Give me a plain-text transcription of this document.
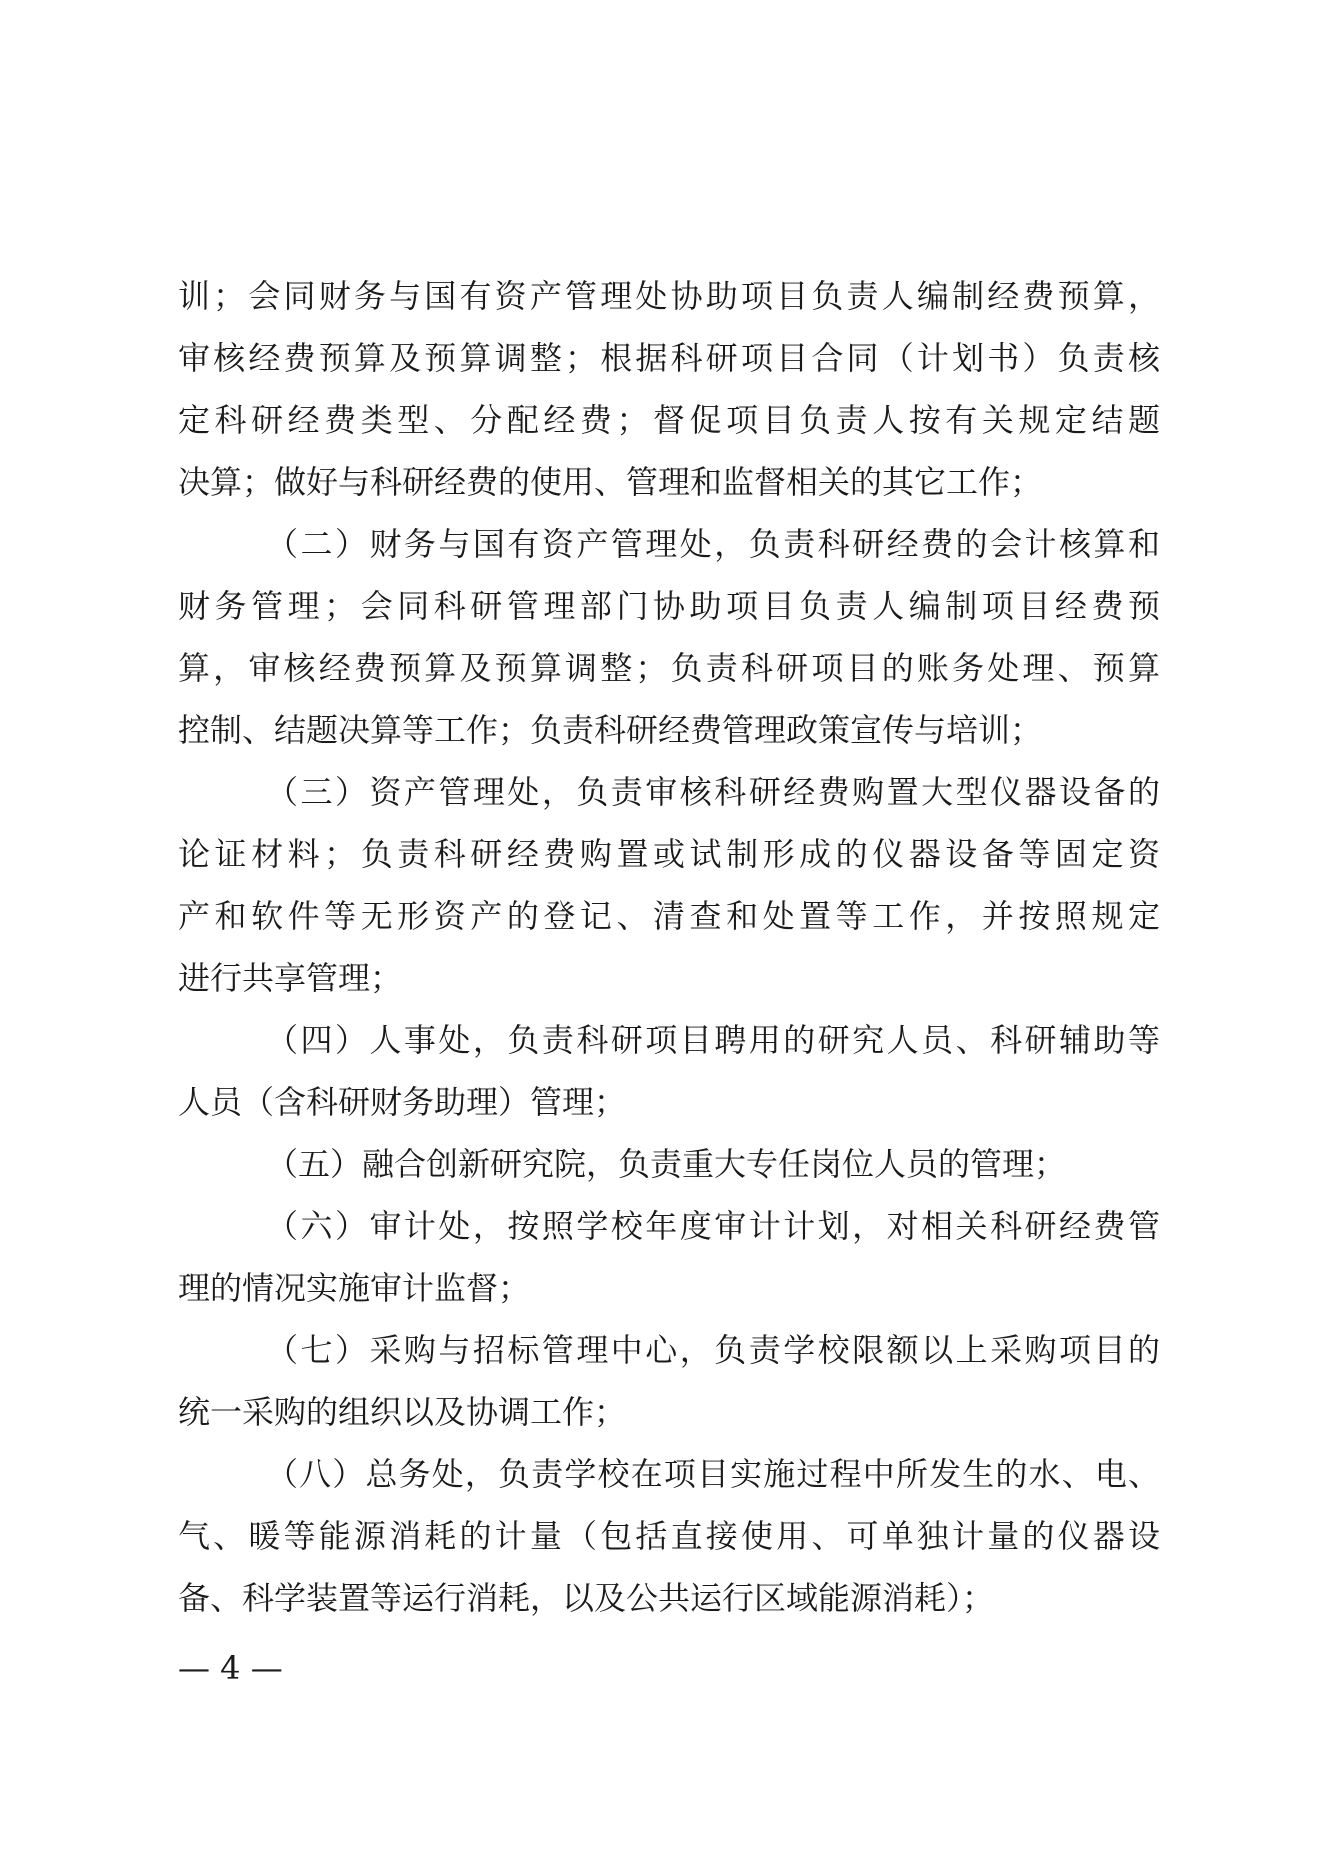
训；会同财务与国有资产管理处协助项目负责人编制经费预算，
审核经费预算及预算调整；根据科研项目合同（计划书）负责核
定科研经费类型、分配经费；督促项目负责人按有关规定结题
决算；做好与科研经费的使用、管理和监督相关的其它工作；
（二）财务与国有资产管理处，负责科研经费的会计核算和
财务管理；会同科研管理部门协助项目负责人编制项目经费预
算，审核经费预算及预算调整；负责科研项目的账务处理、预算
控制、结题决算等工作；负责科研经费管理政策宣传与培训；
（三）资产管理处，负责审核科研经费购置大型仪器设备的
论证材料；负责科研经费购置或试制形成的仪器设备等固定资
产和软件等无形资产的登记、清查和处置等工作，并按照规定
进行共享管理；
（四）人事处，负责科研项目聘用的研究人员、科研辅助等
人员（含科研财务助理）管理；
（五）融合创新研究院，负责重大专任岗位人员的管理；
（六）审计处，按照学校年度审计计划，对相关科研经费管
理的情况实施审计监督；
（七）采购与招标管理中心，负责学校限额以上采购项目的
统一采购的组织以及协调工作；
（八）总务处，负责学校在项目实施过程中所发生的水、电、
气、暖等能源消耗的计量（包括直接使用、可单独计量的仪器设
备、科学装置等运行消耗，以及公共运行区域能源消耗）；
— 4 —
